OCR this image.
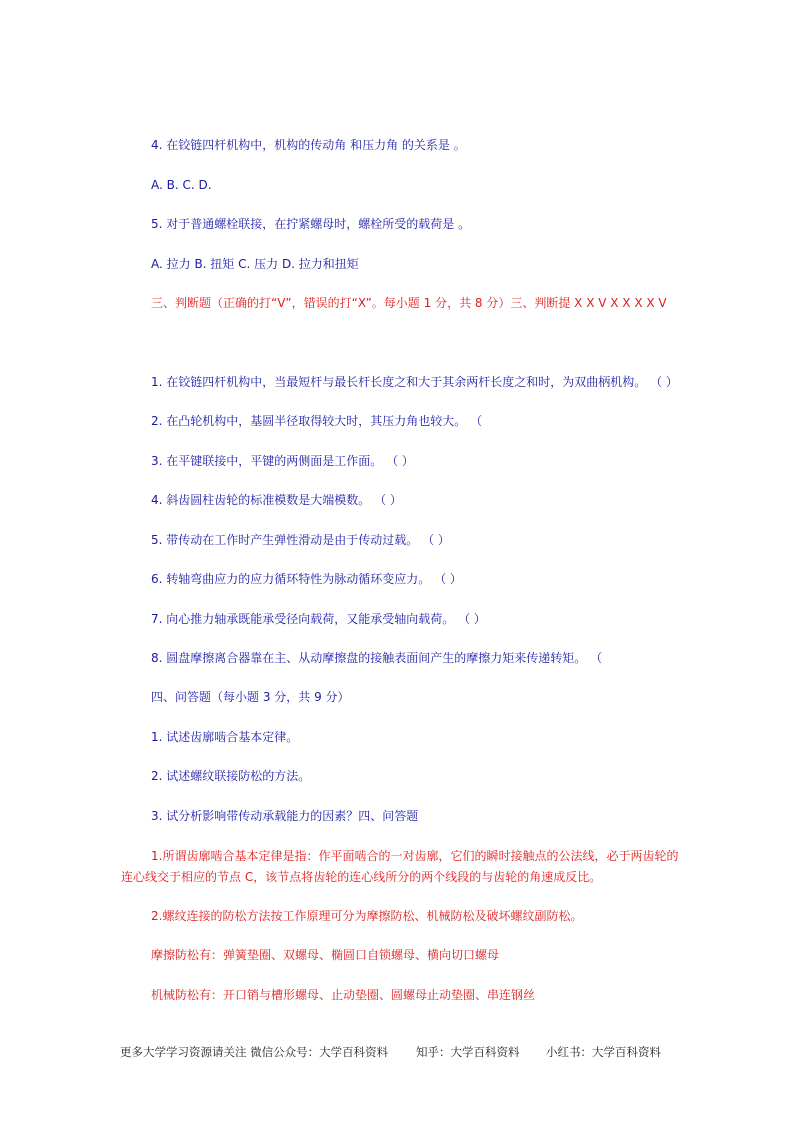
4. 在铰链四杆机构中，机构的传动角 和压力角 的关系是 。
A. B. C. D.
5. 对于普通螺栓联接，在拧紧螺母时，螺栓所受的载荷是 。
A. 拉力 B. 扭矩 C. 压力 D. 拉力和扭矩
三、判断题（正确的打“V”，错误的打“X”。每小题 1 分，共 8 分）三、判断提 X X V X X X X V
1. 在铰链四杆机构中，当最短杆与最长杆长度之和大于其余两杆长度之和时，为双曲柄机构。 （ ）
2. 在凸轮机构中，基圆半径取得较大时，其压力角也较大。 （
3. 在平键联接中，平键的两侧面是工作面。 （ ）
4. 斜齿圆柱齿轮的标准模数是大端模数。 （ ）
5. 带传动在工作时产生弹性滑动是由于传动过载。 （ ）
6. 转轴弯曲应力的应力循环特性为脉动循环变应力。 （ ）
7. 向心推力轴承既能承受径向载荷，又能承受轴向载荷。 （ ）
8. 圆盘摩擦离合器靠在主、从动摩擦盘的接触表面间产生的摩擦力矩来传递转矩。 （
四、问答题（每小题 3 分，共 9 分）
1. 试述齿廓啮合基本定律。
2. 试述螺纹联接防松的方法。
3. 试分析影响带传动承载能力的因素？四、问答题
1.所谓齿廓啮合基本定律是指：作平面啮合的一对齿廓，它们的瞬时接触点的公法线，必于两齿轮的
连心线交于相应的节点 C，该节点将齿轮的连心线所分的两个线段的与齿轮的角速成反比。
2.螺纹连接的防松方法按工作原理可分为摩擦防松、机械防松及破坏螺纹副防松。
摩擦防松有：弹簧垫圈、双螺母、椭圆口自锁螺母、横向切口螺母
机械防松有：开口销与槽形螺母、止动垫圈、圆螺母止动垫圈、串连钢丝
更多大学学习资源请关注 微信公众号：大学百科资料 知乎：大学百科资料 小红书：大学百科资料
